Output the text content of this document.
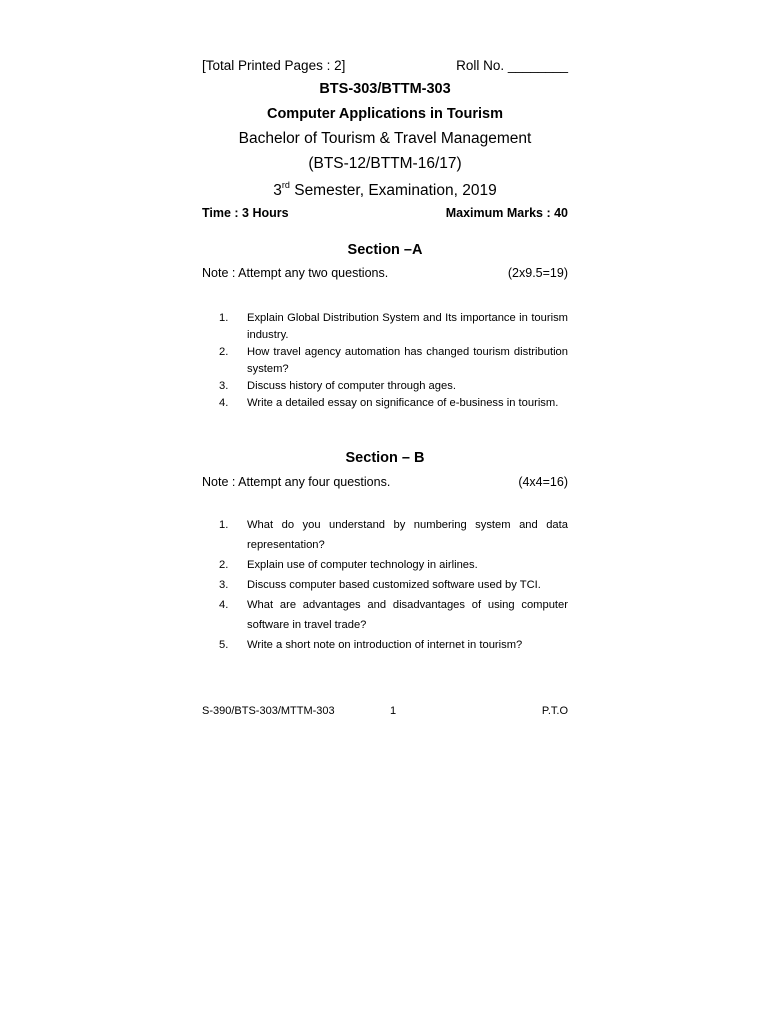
[Total Printed Pages : 2]	Roll No. ________
BTS-303/BTTM-303
Computer Applications in Tourism
Bachelor of Tourism & Travel Management
(BTS-12/BTTM-16/17)
3rd Semester, Examination, 2019
Time : 3 Hours	Maximum Marks : 40
Section –A
Note : Attempt any two questions.	(2x9.5=19)
1.	Explain Global Distribution System and Its importance in tourism industry.
2.	How travel agency automation has changed tourism distribution system?
3.	Discuss history of computer through ages.
4.	Write a detailed essay on significance of e-business in tourism.
Section – B
Note : Attempt any four questions.	(4x4=16)
1.	What do you understand by numbering system and data representation?
2.	Explain use of computer technology in airlines.
3.	Discuss computer based customized software used by TCI.
4.	What are advantages and disadvantages of using computer software in travel trade?
5.	Write a short note on introduction of internet in tourism?
S-390/BTS-303/MTTM-303	1	P.T.O
